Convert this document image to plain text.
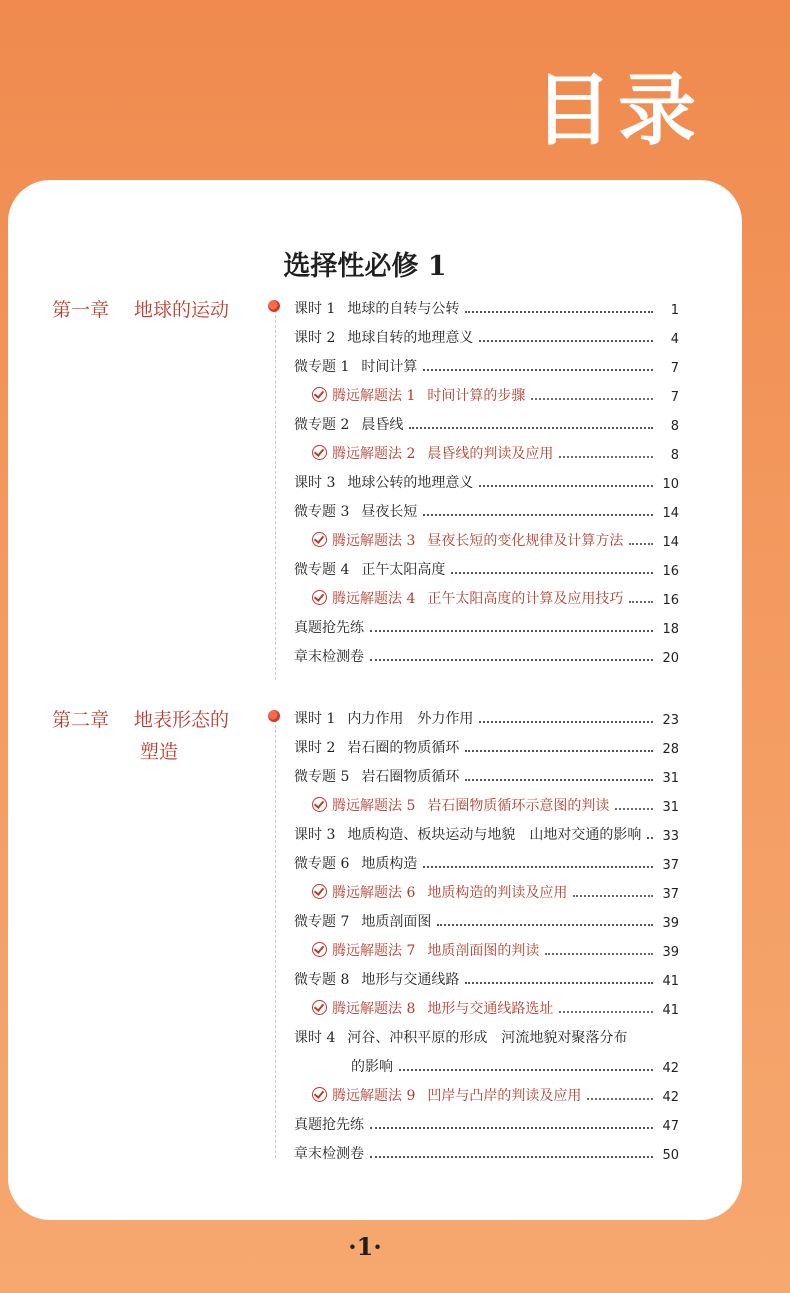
目录
选择性必修 1
第一章 地球的运动	课时 1 地球的自转与公转	1
课时 2 地球自转的地理意义	4
微专题 1 时间计算	7
腾远解题法 1 时间计算的步骤	7
微专题 2 晨昏线	8
腾远解题法 2 晨昏线的判读及应用	8
课时 3 地球公转的地理意义	10
微专题 3 昼夜长短	14
腾远解题法 3 昼夜长短的变化规律及计算方法	14
微专题 4 正午太阳高度	16
腾远解题法 4 正午太阳高度的计算及应用技巧	16
真题抢先练	18
章末检测卷	20
第二章 地表形态的
塑造
课时 1 内力作用　外力作用	23
课时 2 岩石圈的物质循环	28
微专题 5 岩石圈物质循环	31
腾远解题法 5 岩石圈物质循环示意图的判读	31
课时 3 地质构造、板块运动与地貌　山地对交通的影响	33
微专题 6 地质构造	37
腾远解题法 6 地质构造的判读及应用	37
微专题 7 地质剖面图	39
腾远解题法 7 地质剖面图的判读	39
微专题 8 地形与交通线路	41
腾远解题法 8 地形与交通线路选址	41
课时 4 河谷、冲积平原的形成　河流地貌对聚落分布
的影响	42
腾远解题法 9 凹岸与凸岸的判读及应用	42
真题抢先练	47
章末检测卷	50
·1·
